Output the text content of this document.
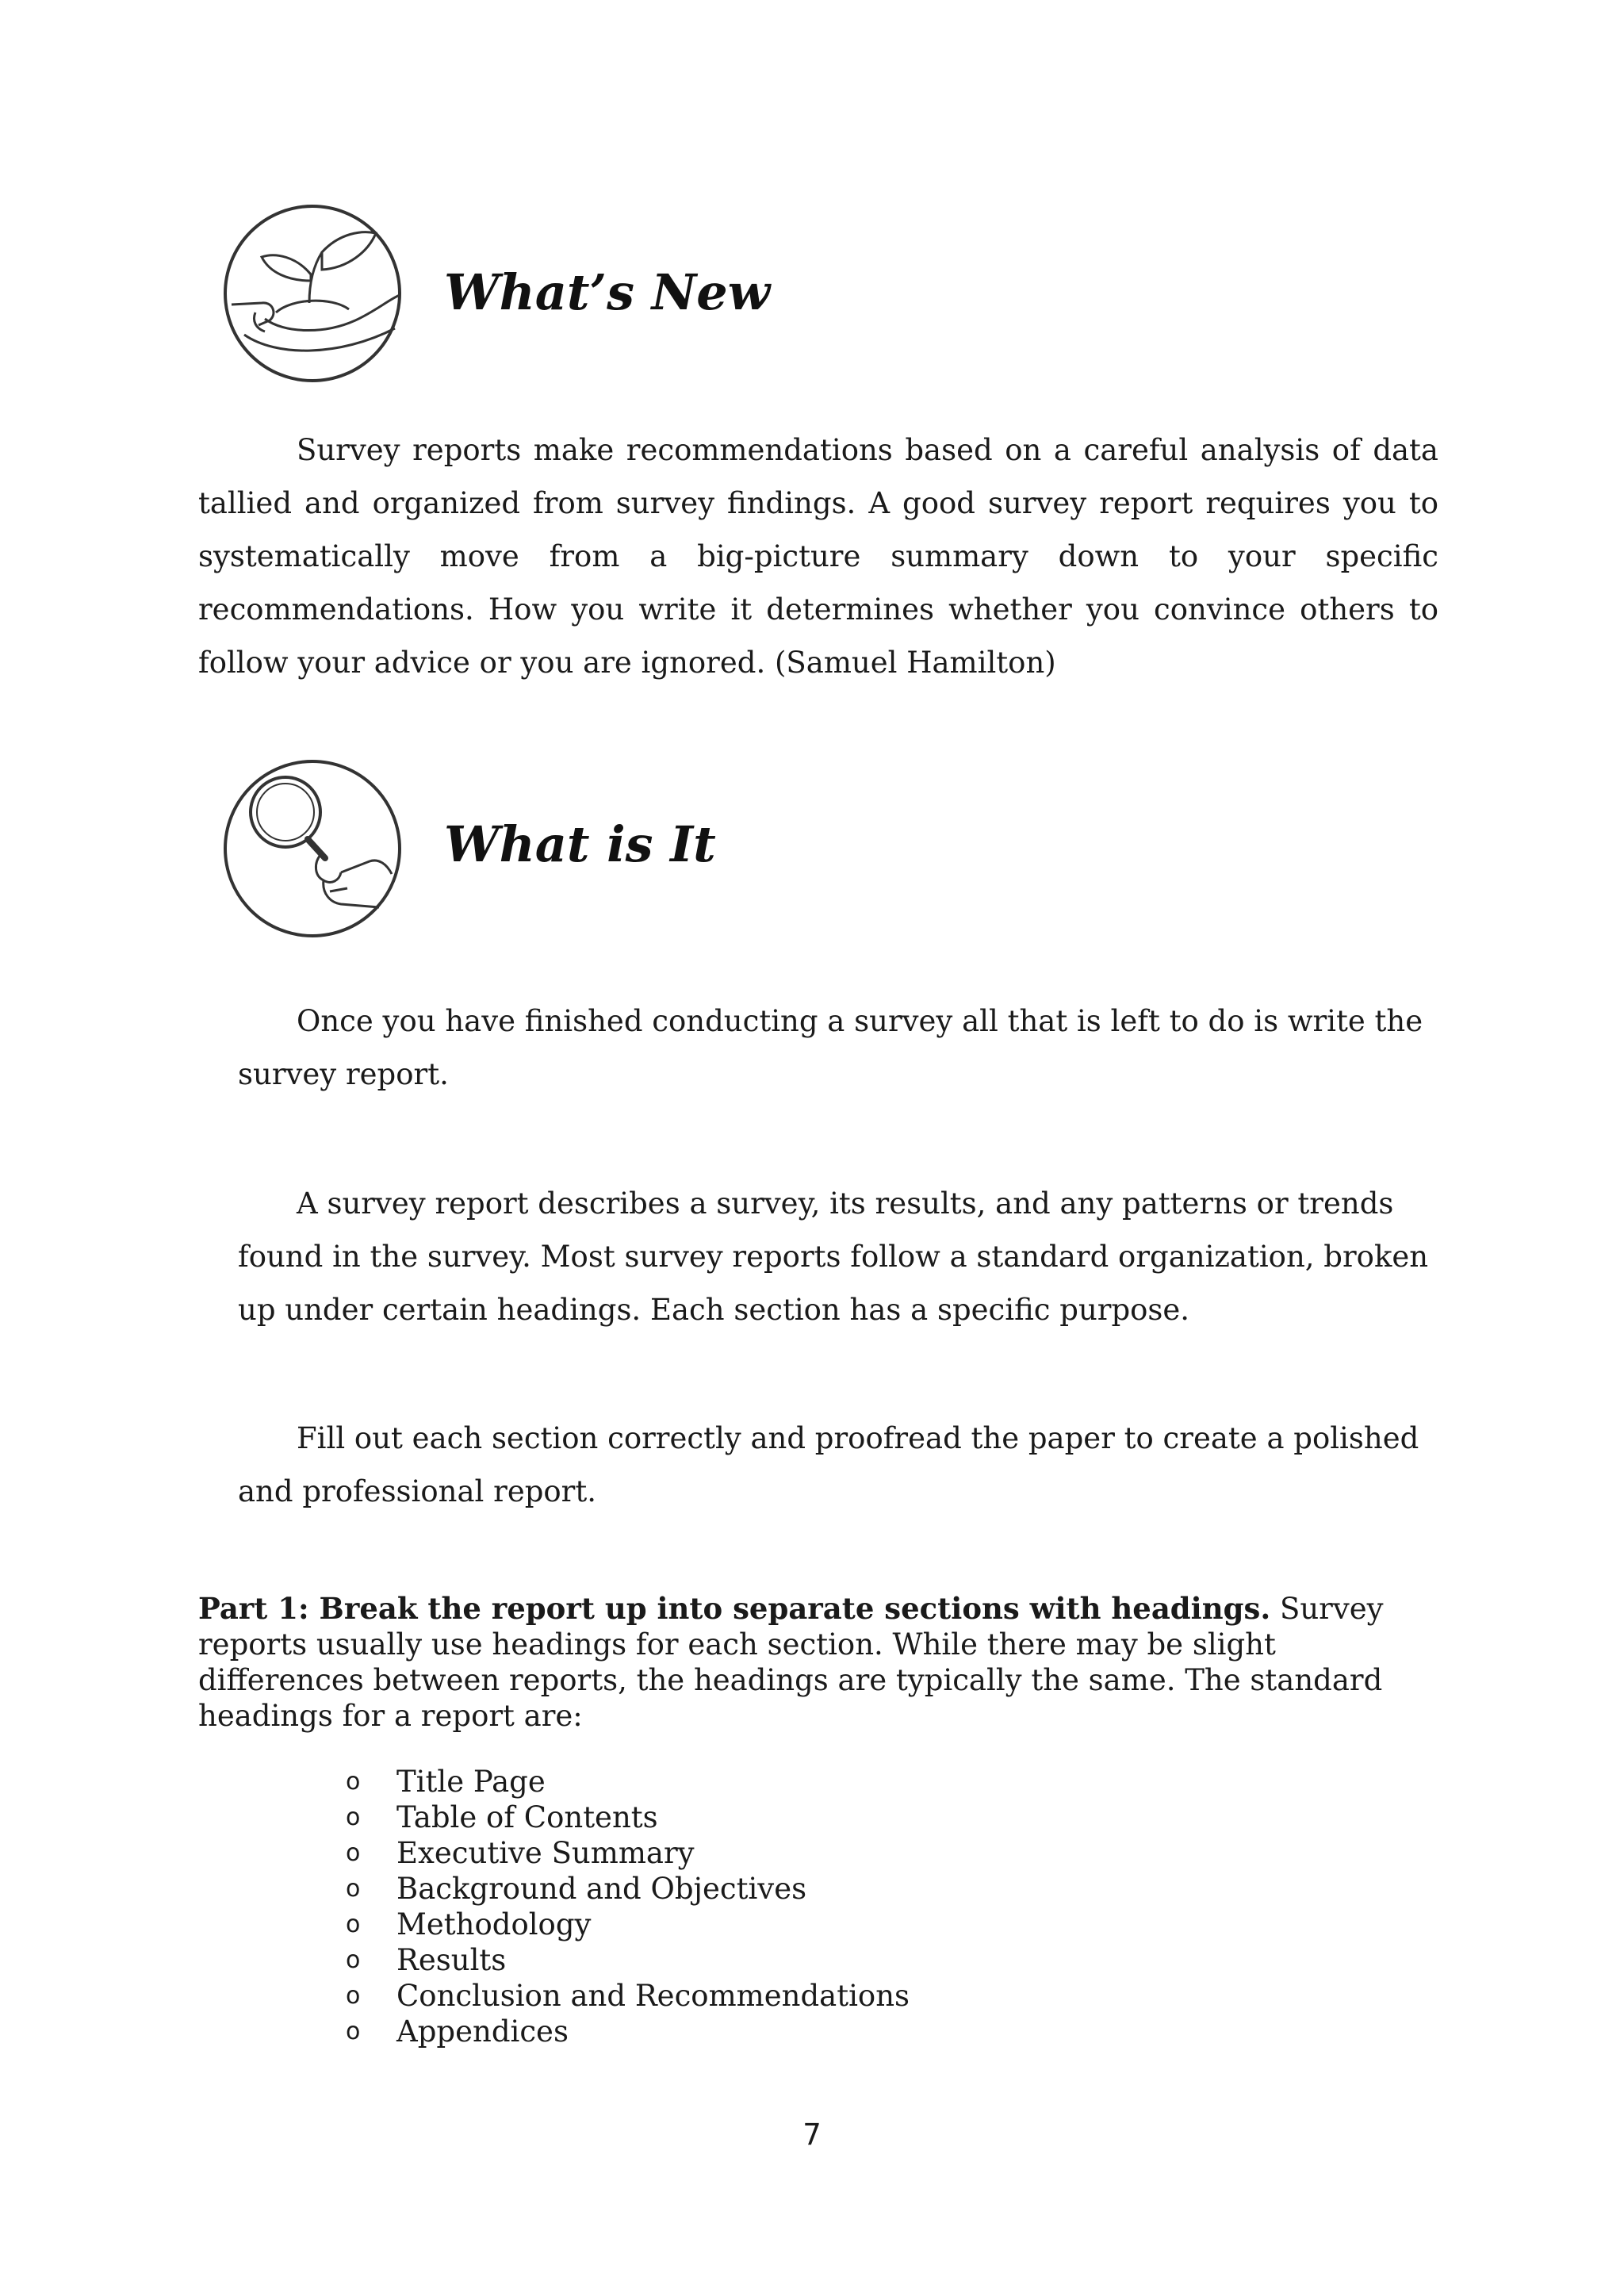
What’s New

Survey reports make recommendations based on a careful analysis of data tallied and organized from survey findings. A good survey report requires you to systematically move from a big-picture summary down to your specific recommendations. How you write it determines whether you convince others to follow your advice or you are ignored. (Samuel Hamilton)

What is It

Once you have finished conducting a survey all that is left to do is write the survey report.

A survey report describes a survey, its results, and any patterns or trends found in the survey. Most survey reports follow a standard organization, broken up under certain headings. Each section has a specific purpose.

Fill out each section correctly and proofread the paper to create a polished and professional report.

Part 1: Break the report up into separate sections with headings. Survey reports usually use headings for each section. While there may be slight differences between reports, the headings are typically the same. The standard headings for a report are:

o Title Page
o Table of Contents
o Executive Summary
o Background and Objectives
o Methodology
o Results
o Conclusion and Recommendations
o Appendices

7
